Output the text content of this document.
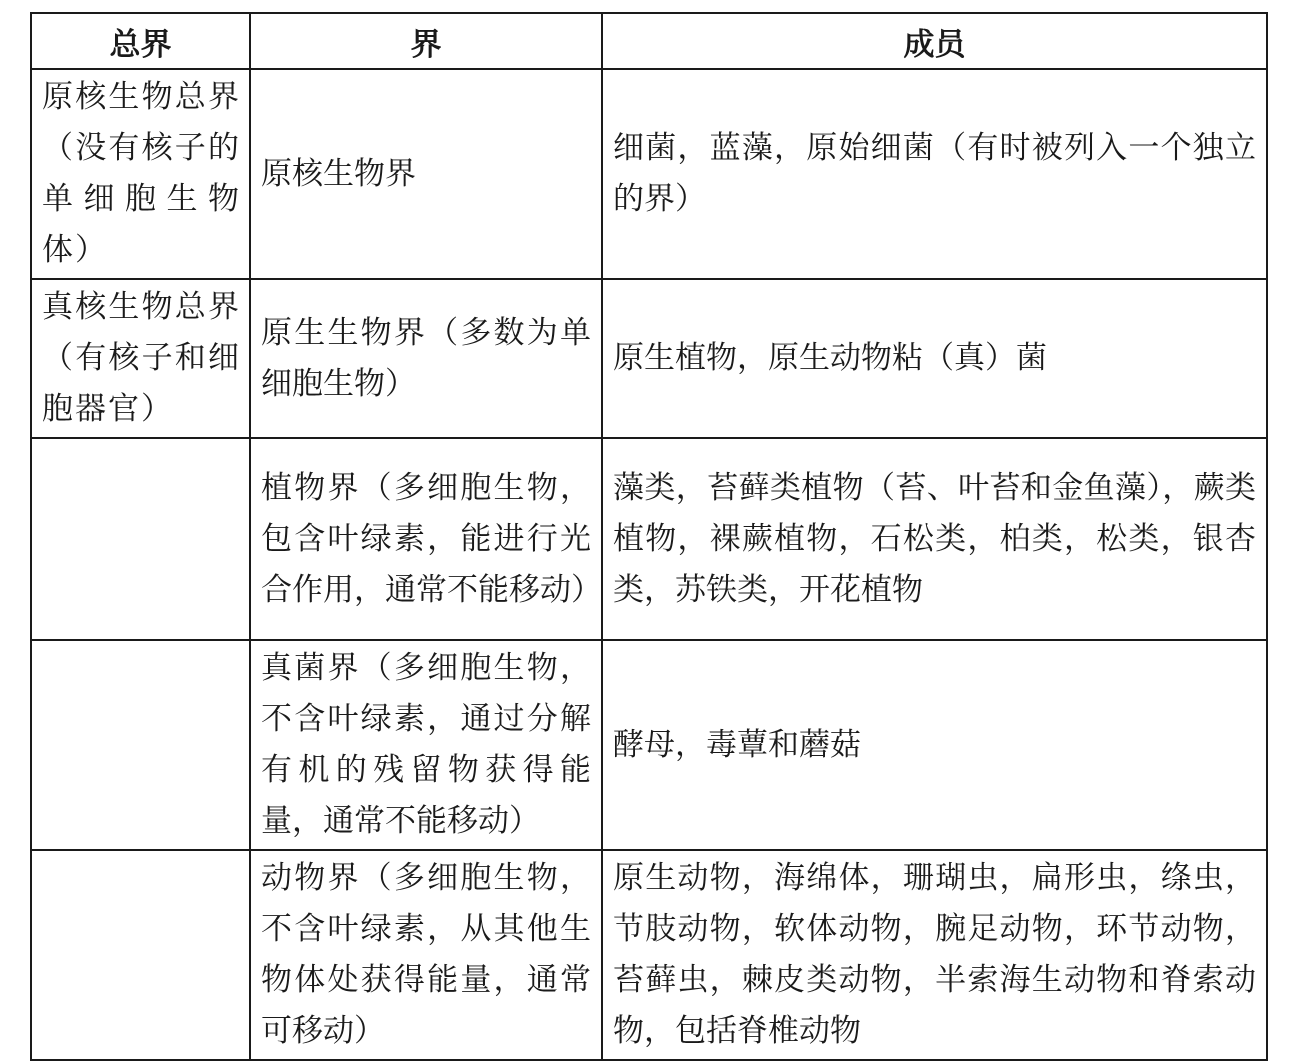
总界	界	成员
原核生物总界（没有核子的单细胞生物体）	原核生物界	细菌，蓝藻，原始细菌（有时被列入一个独立的界）
真核生物总界（有核子和细胞器官）	原生生物界（多数为单细胞生物）	原生植物，原生动物粘（真）菌
	植物界（多细胞生物，包含叶绿素，能进行光合作用，通常不能移动）	藻类，苔藓类植物（苔、叶苔和金鱼藻），蕨类植物，裸蕨植物，石松类，柏类，松类，银杏类，苏铁类，开花植物
	真菌界（多细胞生物，不含叶绿素，通过分解有机的残留物获得能量，通常不能移动）	酵母，毒蕈和蘑菇
	动物界（多细胞生物，不含叶绿素，从其他生物体处获得能量，通常可移动）	原生动物，海绵体，珊瑚虫，扁形虫，绦虫，节肢动物，软体动物，腕足动物，环节动物，苔藓虫，棘皮类动物，半索海生动物和脊索动物，包括脊椎动物
